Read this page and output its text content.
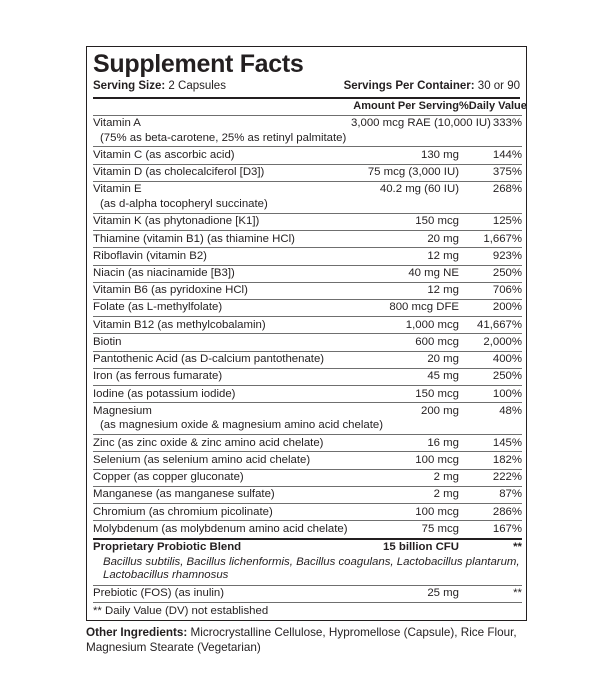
Supplement Facts
Serving Size: 2 Capsules	Servings Per Container: 30 or 90
	Amount Per Serving	%Daily Value
Vitamin A	3,000 mcg RAE (10,000 IU)	333%
(75% as beta-carotene, 25% as retinyl palmitate)		
Vitamin C (as ascorbic acid)	130 mg	144%
Vitamin D (as cholecalciferol [D3])	75 mcg (3,000 IU)	375%
Vitamin E	40.2 mg (60 IU)	268%
(as d-alpha tocopheryl succinate)		
Vitamin K (as phytonadione [K1])	150 mcg	125%
Thiamine (vitamin B1) (as thiamine HCl)	20 mg	1,667%
Riboflavin (vitamin B2)	12 mg	923%
Niacin (as niacinamide [B3])	40 mg NE	250%
Vitamin B6 (as pyridoxine HCl)	12 mg	706%
Folate (as L-methylfolate)	800 mcg DFE	200%
Vitamin B12 (as methylcobalamin)	1,000 mcg	41,667%
Biotin	600 mcg	2,000%
Pantothenic Acid (as D-calcium pantothenate)	20 mg	400%
Iron (as ferrous fumarate)	45 mg	250%
Iodine (as potassium iodide)	150 mcg	100%
Magnesium	200 mg	48%
(as magnesium oxide & magnesium amino acid chelate)		
Zinc (as zinc oxide & zinc amino acid chelate)	16 mg	145%
Selenium (as selenium amino acid chelate)	100 mcg	182%
Copper (as copper gluconate)	2 mg	222%
Manganese (as manganese sulfate)	2 mg	87%
Chromium (as chromium picolinate)	100 mcg	286%
Molybdenum (as molybdenum amino acid chelate)	75 mcg	167%
Proprietary Probiotic Blend	15 billion CFU	**
Bacillus subtilis, Bacillus lichenformis, Bacillus coagulans, Lactobacillus plantarum, Lactobacillus rhamnosus		
Prebiotic (FOS) (as inulin)	25 mg	**
** Daily Value (DV) not established		
Other Ingredients: Microcrystalline Cellulose, Hypromellose (Capsule), Rice Flour, Magnesium Stearate (Vegetarian)
